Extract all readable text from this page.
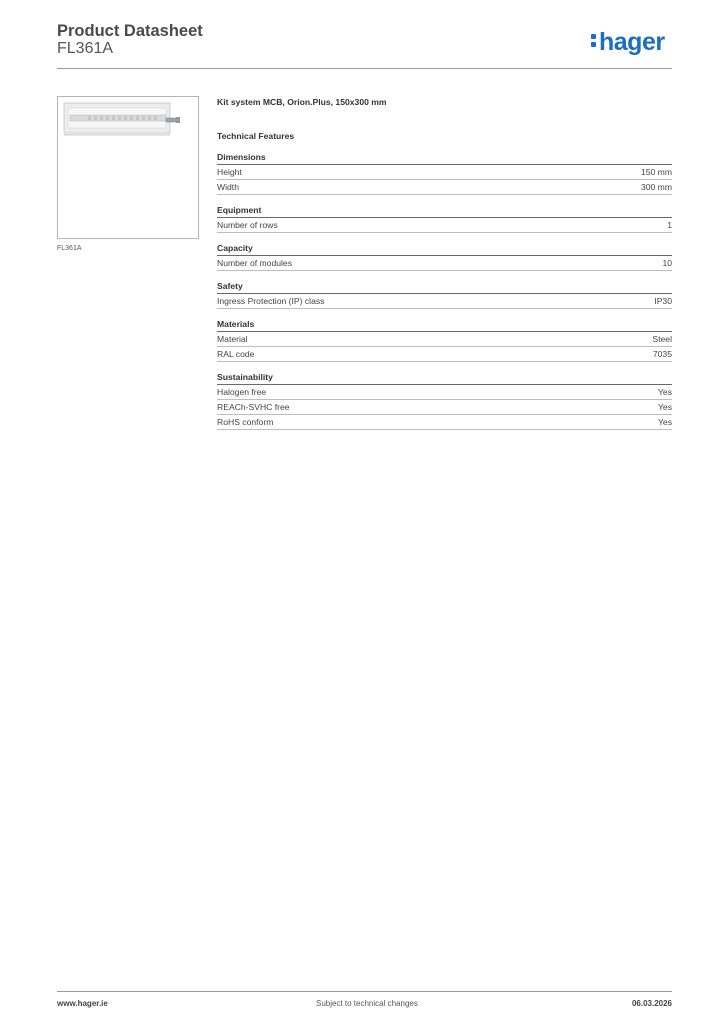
Product Datasheet
FL361A	hager
FL361A
Kit system MCB, Orion.Plus, 150x300 mm
Technical Features
Dimensions
Height	150 mm
Width	300 mm
Equipment
Number of rows	1
Capacity
Number of modules	10
Safety
Ingress Protection (IP) class	IP30
Materials
Material	Steel
RAL code	7035
Sustainability
Halogen free	Yes
REACh-SVHC free	Yes
RoHS conform	Yes
www.hager.ie	Subject to technical changes	06.03.2026
